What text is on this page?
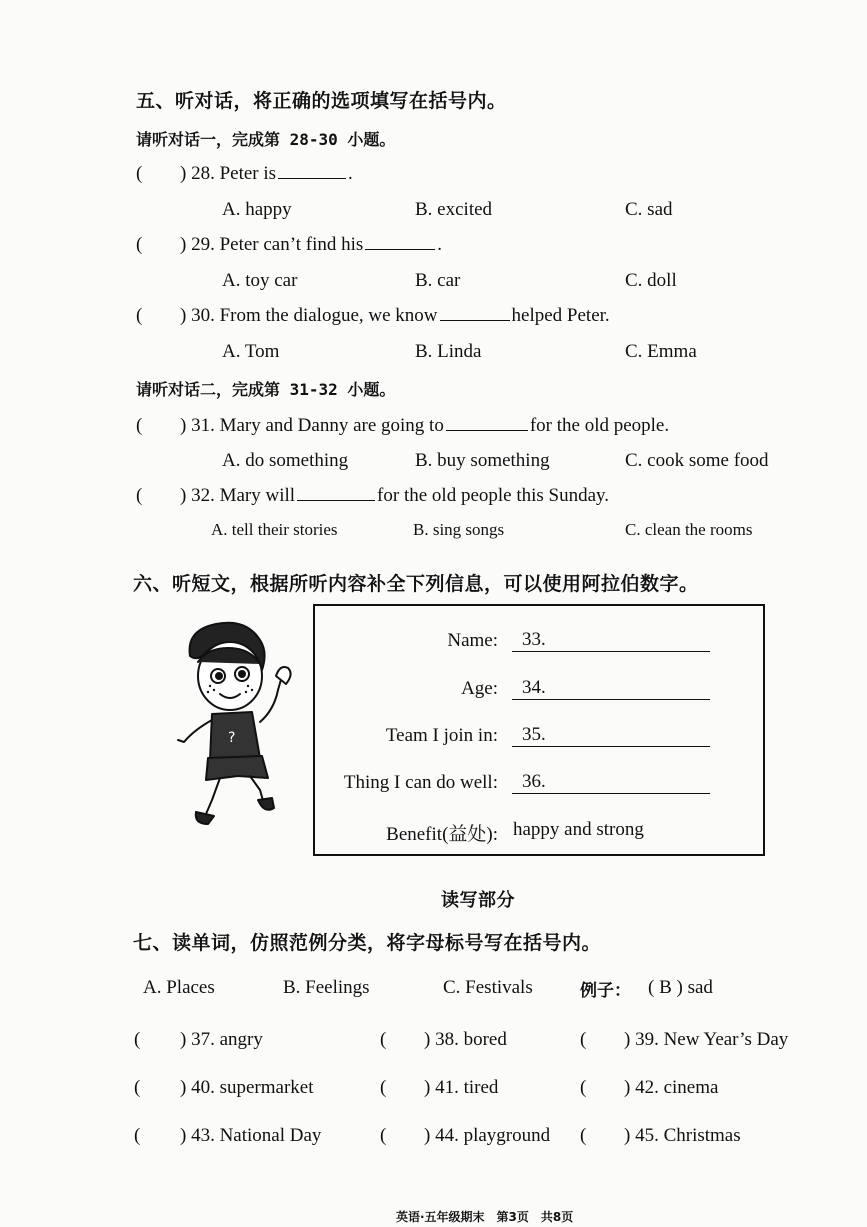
五、听对话，将正确的选项填写在括号内。
请听对话一，完成第 28-30 小题。
( ) 28. Peter is	.
A. happy	B. excited	C. sad
( ) 29. Peter can’t find his	.
A. toy car	B. car	C. doll
( ) 30. From the dialogue, we know	helped Peter.
A. Tom	B. Linda	C. Emma
请听对话二，完成第 31-32 小题。
( ) 31. Mary and Danny are going to	for the old people.
A. do something	B. buy something	C. cook some food
( ) 32. Mary will	for the old people this Sunday.
A. tell their stories	B. sing songs	C. clean the rooms
六、听短文，根据所听内容补全下列信息，可以使用阿拉伯数字。
?
Name:	33.
Age:	34.
Team I join in:	35.
Thing I can do well:	36.
Benefit(益处): happy and strong
读写部分
七、读单词，仿照范例分类，将字母标号写在括号内。
A. Places	B. Feelings	C. Festivals	例子： ( B ) sad
( ) 37. angry	( ) 38. bored	( ) 39. New Year’s Day
( ) 40. supermarket	( ) 41. tired	( ) 42. cinema
( ) 43. National Day	( ) 44. playground ( ) 45. Christmas
英语·五年级期末　第3页　共8页
